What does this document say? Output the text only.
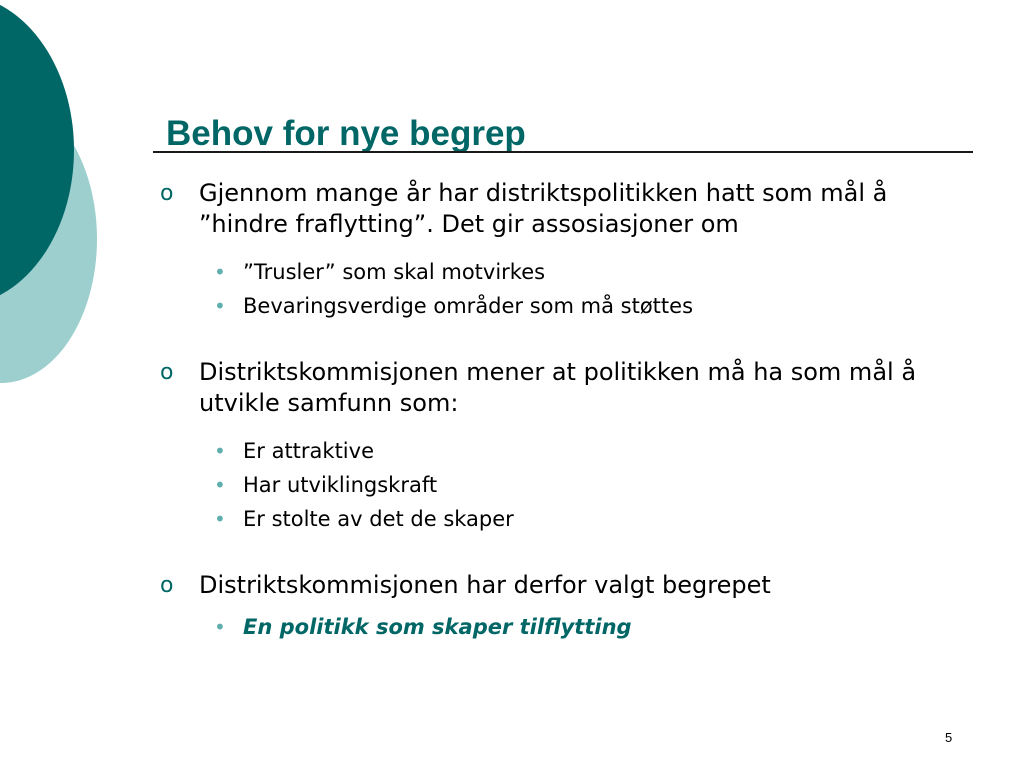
Behov for nye begrep
o Gjennom mange år har distriktspolitikken hatt som mål å ”hindre fraflytting”. Det gir assosiasjoner om
• ”Trusler” som skal motvirkes
• Bevaringsverdige områder som må støttes
o Distriktskommisjonen mener at politikken må ha som mål å utvikle samfunn som:
• Er attraktive
• Har utviklingskraft
• Er stolte av det de skaper
o Distriktskommisjonen har derfor valgt begrepet
• En politikk som skaper tilflytting
5
